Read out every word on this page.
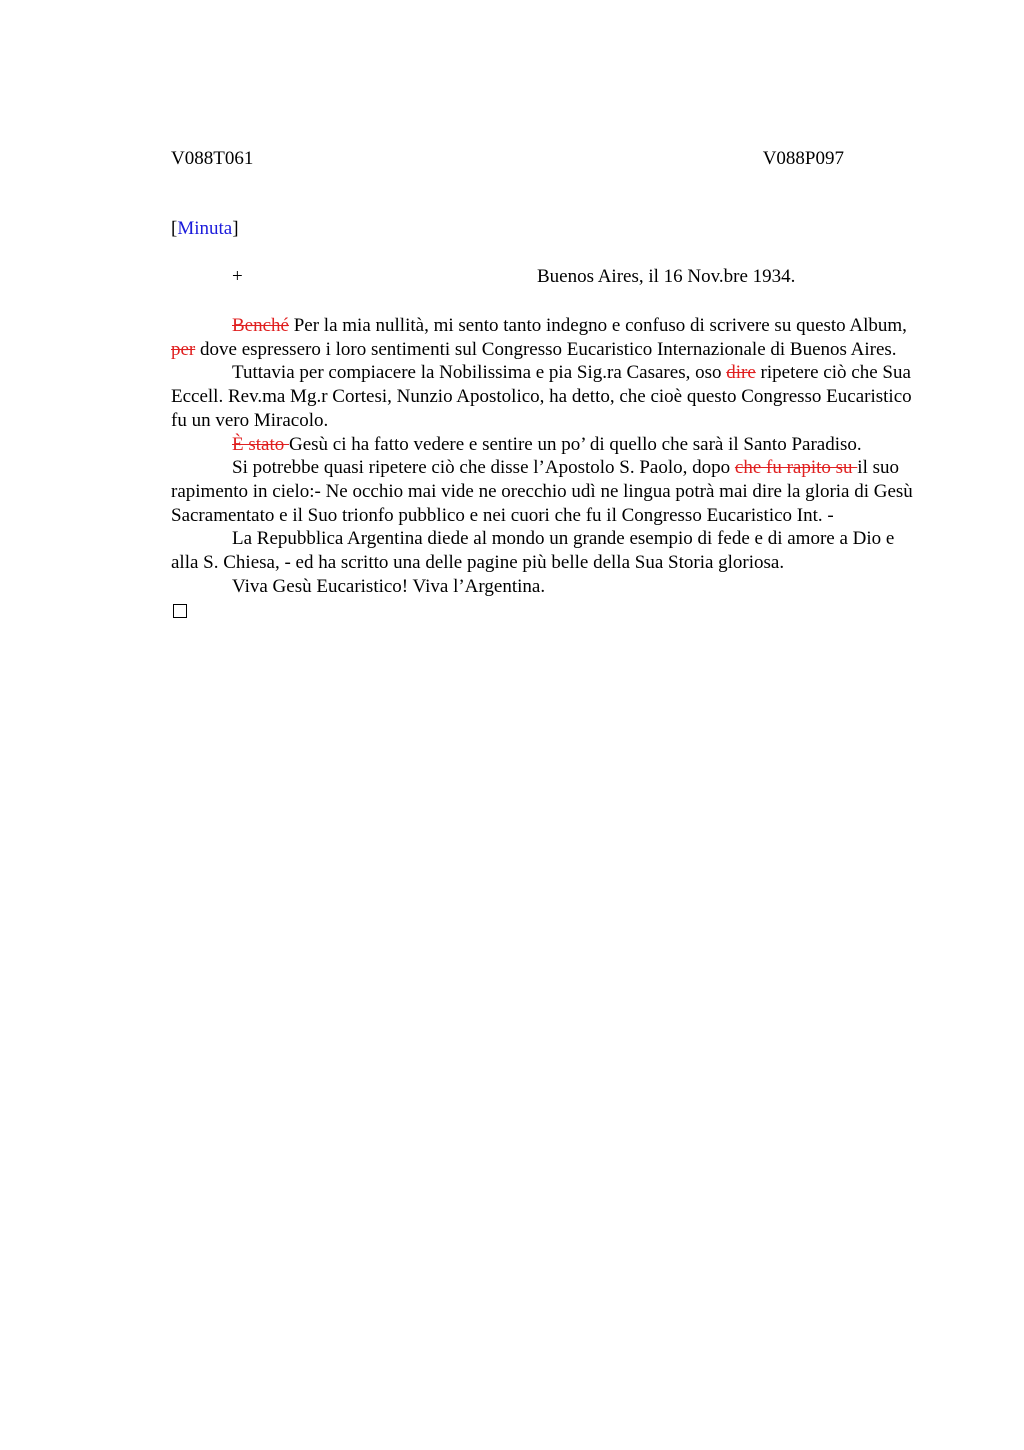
V088T061	V088P097
[Minuta]
+	Buenos Aires, il 16 Nov.bre 1934.

Benché Per la mia nullità, mi sento tanto indegno e confuso di scrivere su questo Album, per dove espressero i loro sentimenti sul Congresso Eucaristico Internazionale di Buenos Aires.

Tuttavia per compiacere la Nobilissima e pia Sig.ra Casares, oso dire ripetere ciò che Sua Eccell. Rev.ma Mg.r Cortesi, Nunzio Apostolico, ha detto, che cioè questo Congresso Eucaristico fu un vero Miracolo.

È stato Gesù ci ha fatto vedere e sentire un po’ di quello che sarà il Santo Paradiso.

Si potrebbe quasi ripetere ciò che disse l’Apostolo S. Paolo, dopo che fu rapito su il suo rapimento in cielo:- Ne occhio mai vide ne orecchio udì ne lingua potrà mai dire la gloria di Gesù Sacramentato e il Suo trionfo pubblico e nei cuori che fu il Congresso Eucaristico Int. -

La Repubblica Argentina diede al mondo un grande esempio di fede e di amore a Dio e alla S. Chiesa, - ed ha scritto una delle pagine più belle della Sua Storia gloriosa.

Viva Gesù Eucaristico! Viva l’Argentina.
